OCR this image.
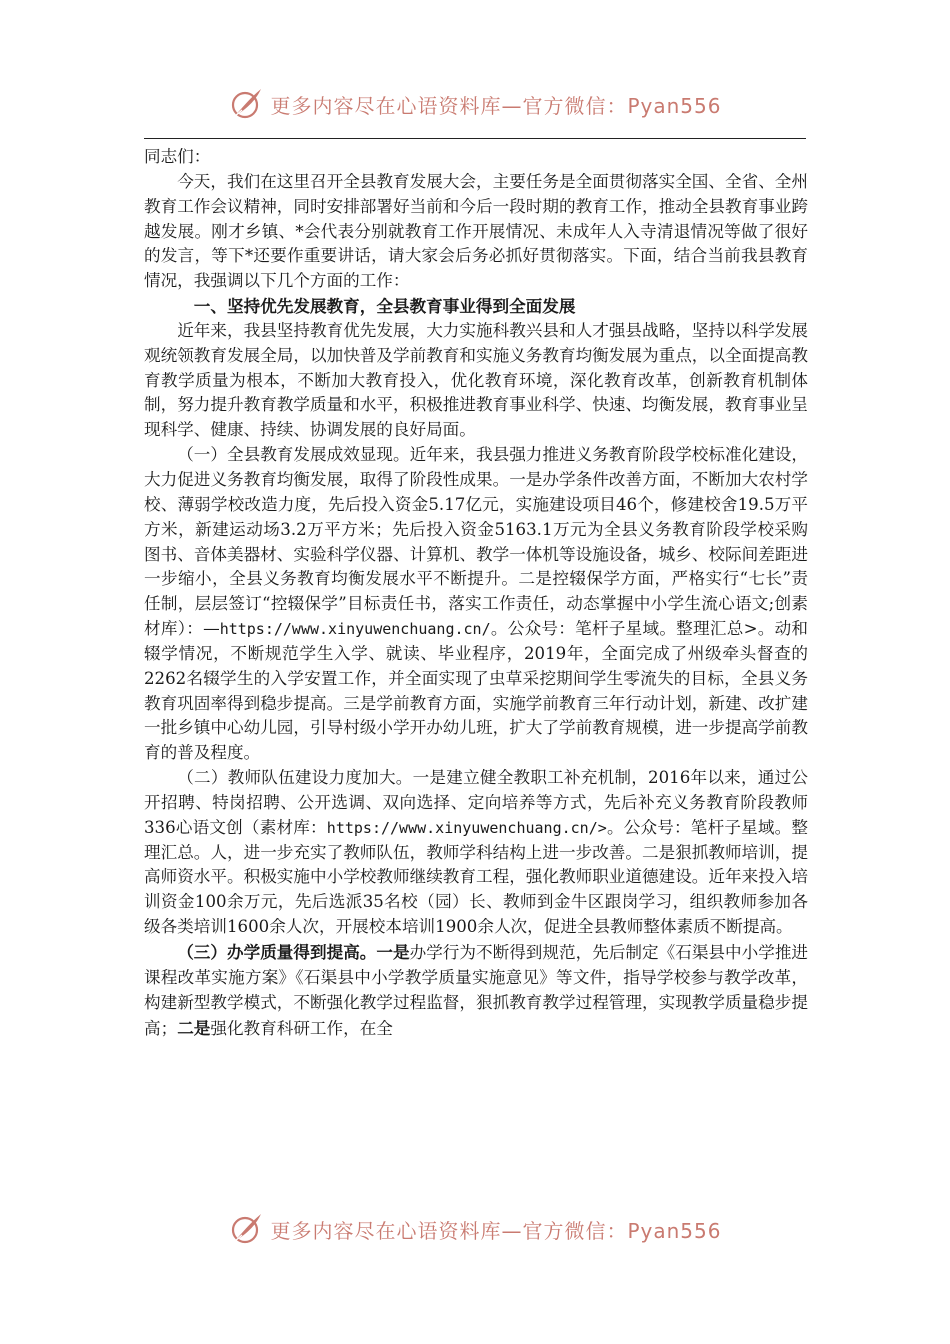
更多内容尽在心语资料库—官方微信：Pyan556

同志们：

今天，我们在这里召开全县教育发展大会，主要任务是全面贯彻落实全国、全省、全州教育工作会议精神，同时安排部署好当前和今后一段时期的教育工作，推动全县教育事业跨越发展。刚才乡镇、*会代表分别就教育工作开展情况、未成年人入寺清退情况等做了很好的发言，等下*还要作重要讲话，请大家会后务必抓好贯彻落实。下面，结合当前我县教育情况，我强调以下几个方面的工作：

一、坚持优先发展教育，全县教育事业得到全面发展

近年来，我县坚持教育优先发展，大力实施科教兴县和人才强县战略，坚持以科学发展观统领教育发展全局，以加快普及学前教育和实施义务教育均衡发展为重点，以全面提高教育教学质量为根本，不断加大教育投入，优化教育环境，深化教育改革，创新教育机制体制，努力提升教育教学质量和水平，积极推进教育事业科学、快速、均衡发展，教育事业呈现科学、健康、持续、协调发展的良好局面。

（一）全县教育发展成效显现。近年来，我县强力推进义务教育阶段学校标准化建设，大力促进义务教育均衡发展，取得了阶段性成果。一是办学条件改善方面，不断加大农村学校、薄弱学校改造力度，先后投入资金5.17亿元，实施建设项目46个，修建校舍19.5万平方米，新建运动场3.2万平方米；先后投入资金5163.1万元为全县义务教育阶段学校采购图书、音体美器材、实验科学仪器、计算机、教学一体机等设施设备，城乡、校际间差距进一步缩小，全县义务教育均衡发展水平不断提升。二是控辍保学方面，严格实行“七长”责任制，层层签订“控辍保学”目标责任书，落实工作责任，动态掌握中小学生流心语文;创素材库）：—https://www.xinyuwenchuang.cn/。公众号：笔杆子星域。整理汇总>。动和辍学情况，不断规范学生入学、就读、毕业程序，2019年，全面完成了州级牵头督查的2262名辍学生的入学安置工作，并全面实现了虫草采挖期间学生零流失的目标，全县义务教育巩固率得到稳步提高。三是学前教育方面，实施学前教育三年行动计划，新建、改扩建一批乡镇中心幼儿园，引导村级小学开办幼儿班，扩大了学前教育规模，进一步提高学前教育的普及程度。

（二）教师队伍建设力度加大。一是建立健全教职工补充机制，2016年以来，通过公开招聘、特岗招聘、公开选调、双向选择、定向培养等方式，先后补充义务教育阶段教师336心语文创（素材库：https://www.xinyuwenchuang.cn/>。公众号：笔杆子星域。整理汇总。人，进一步充实了教师队伍，教师学科结构上进一步改善。二是狠抓教师培训，提高师资水平。积极实施中小学校教师继续教育工程，强化教师职业道德建设。近年来投入培训资金100余万元，先后选派35名校（园）长、教师到金牛区跟岗学习，组织教师参加各级各类培训1600余人次，开展校本培训1900余人次，促进全县教师整体素质不断提高。

（三）办学质量得到提高。一是办学行为不断得到规范，先后制定《石渠县中小学推进课程改革实施方案》《石渠县中小学教学质量实施意见》等文件，指导学校参与教学改革，构建新型教学模式，不断强化教学过程监督，狠抓教育教学过程管理，实现教学质量稳步提高；二是强化教育科研工作，在全

更多内容尽在心语资料库—官方微信：Pyan556
